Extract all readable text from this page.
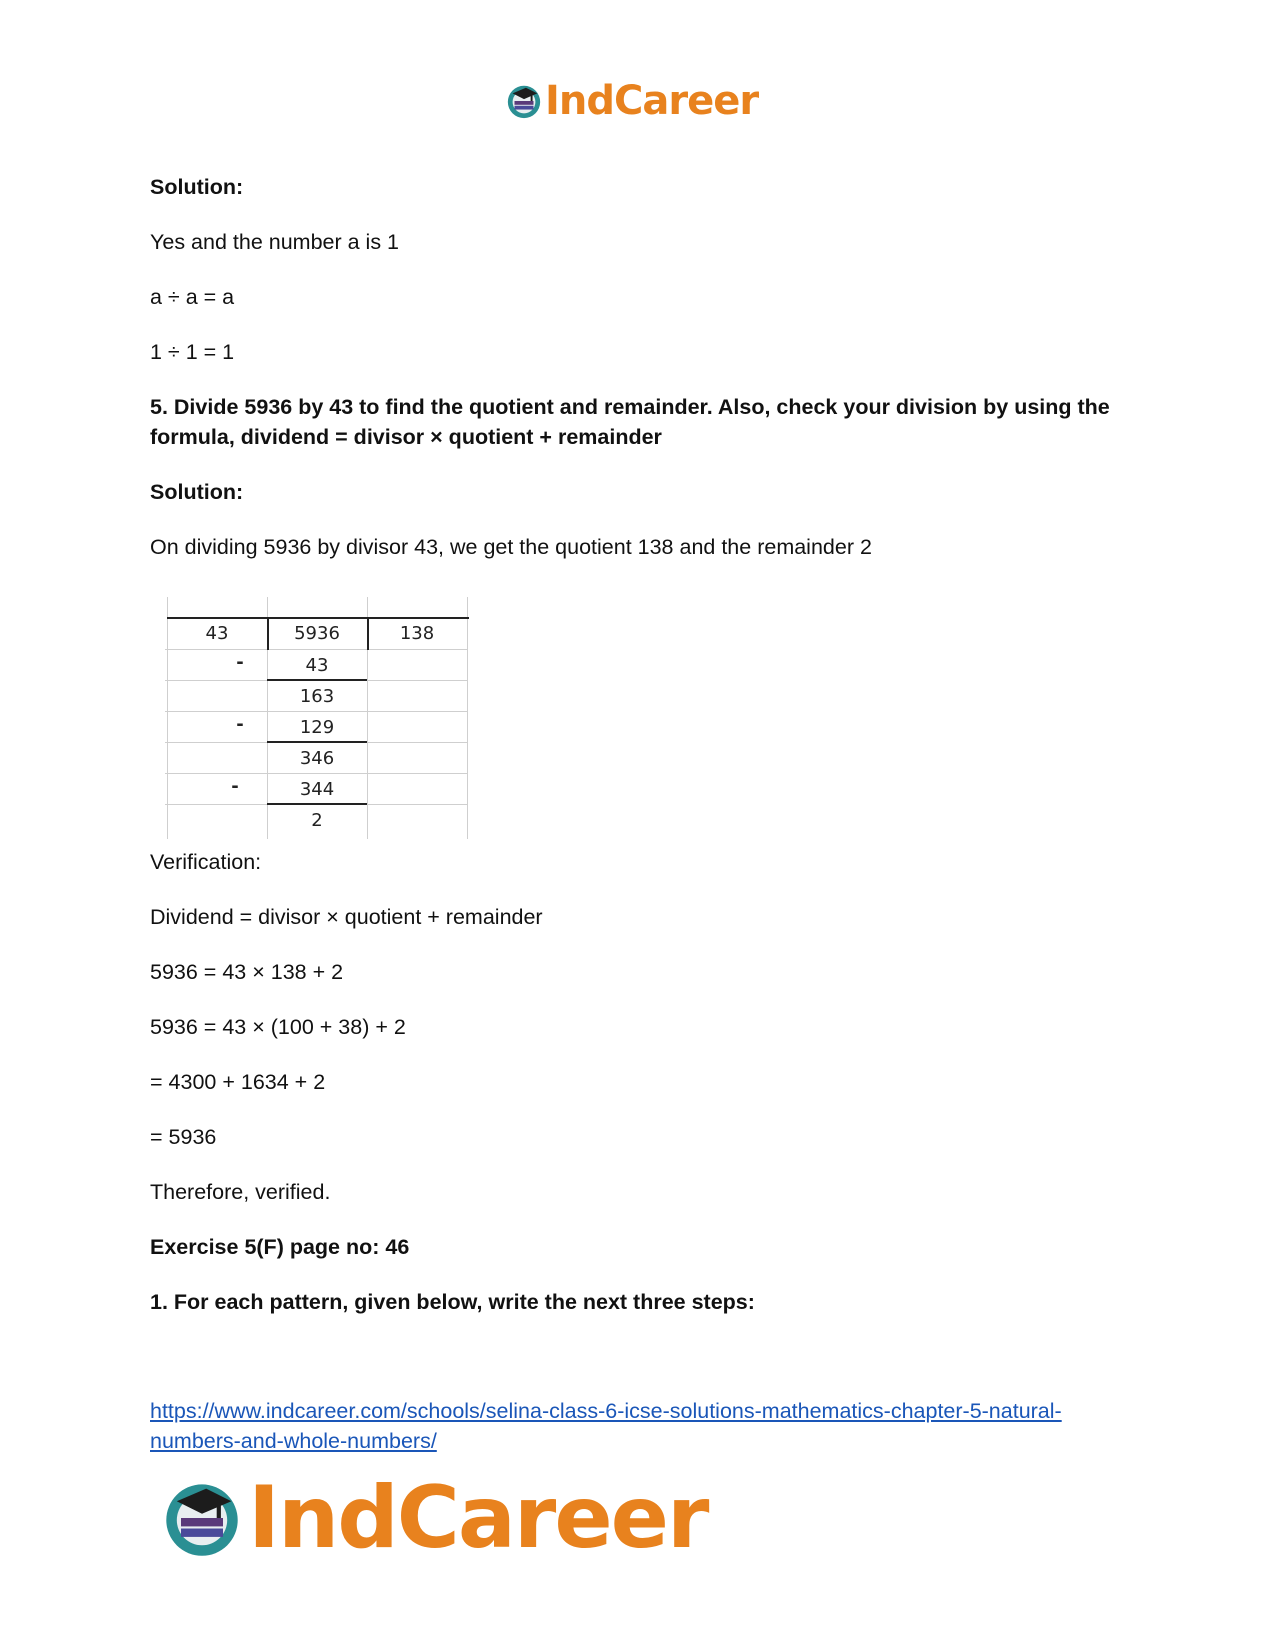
IndCareer

Solution:

Yes and the number a is 1

a ÷ a = a

1 ÷ 1 = 1

5. Divide 5936 by 43 to find the quotient and remainder. Also, check your division by using the formula, dividend = divisor × quotient + remainder

Solution:

On dividing 5936 by divisor 43, we get the quotient 138 and the remainder 2

Verification:

Dividend = divisor × quotient + remainder

5936 = 43 × 138 + 2

5936 = 43 × (100 + 38) + 2

= 4300 + 1634 + 2

= 5936

Therefore, verified.

Exercise 5(F) page no: 46

1. For each pattern, given below, write the next three steps:

43	5936	138
-
-
-
43
163
129
346
344
2
https://www.indcareer.com/schools/selina-class-6-icse-solutions-mathematics-chapter-5-natural-numbers-and-whole-numbers/
IndCareer
